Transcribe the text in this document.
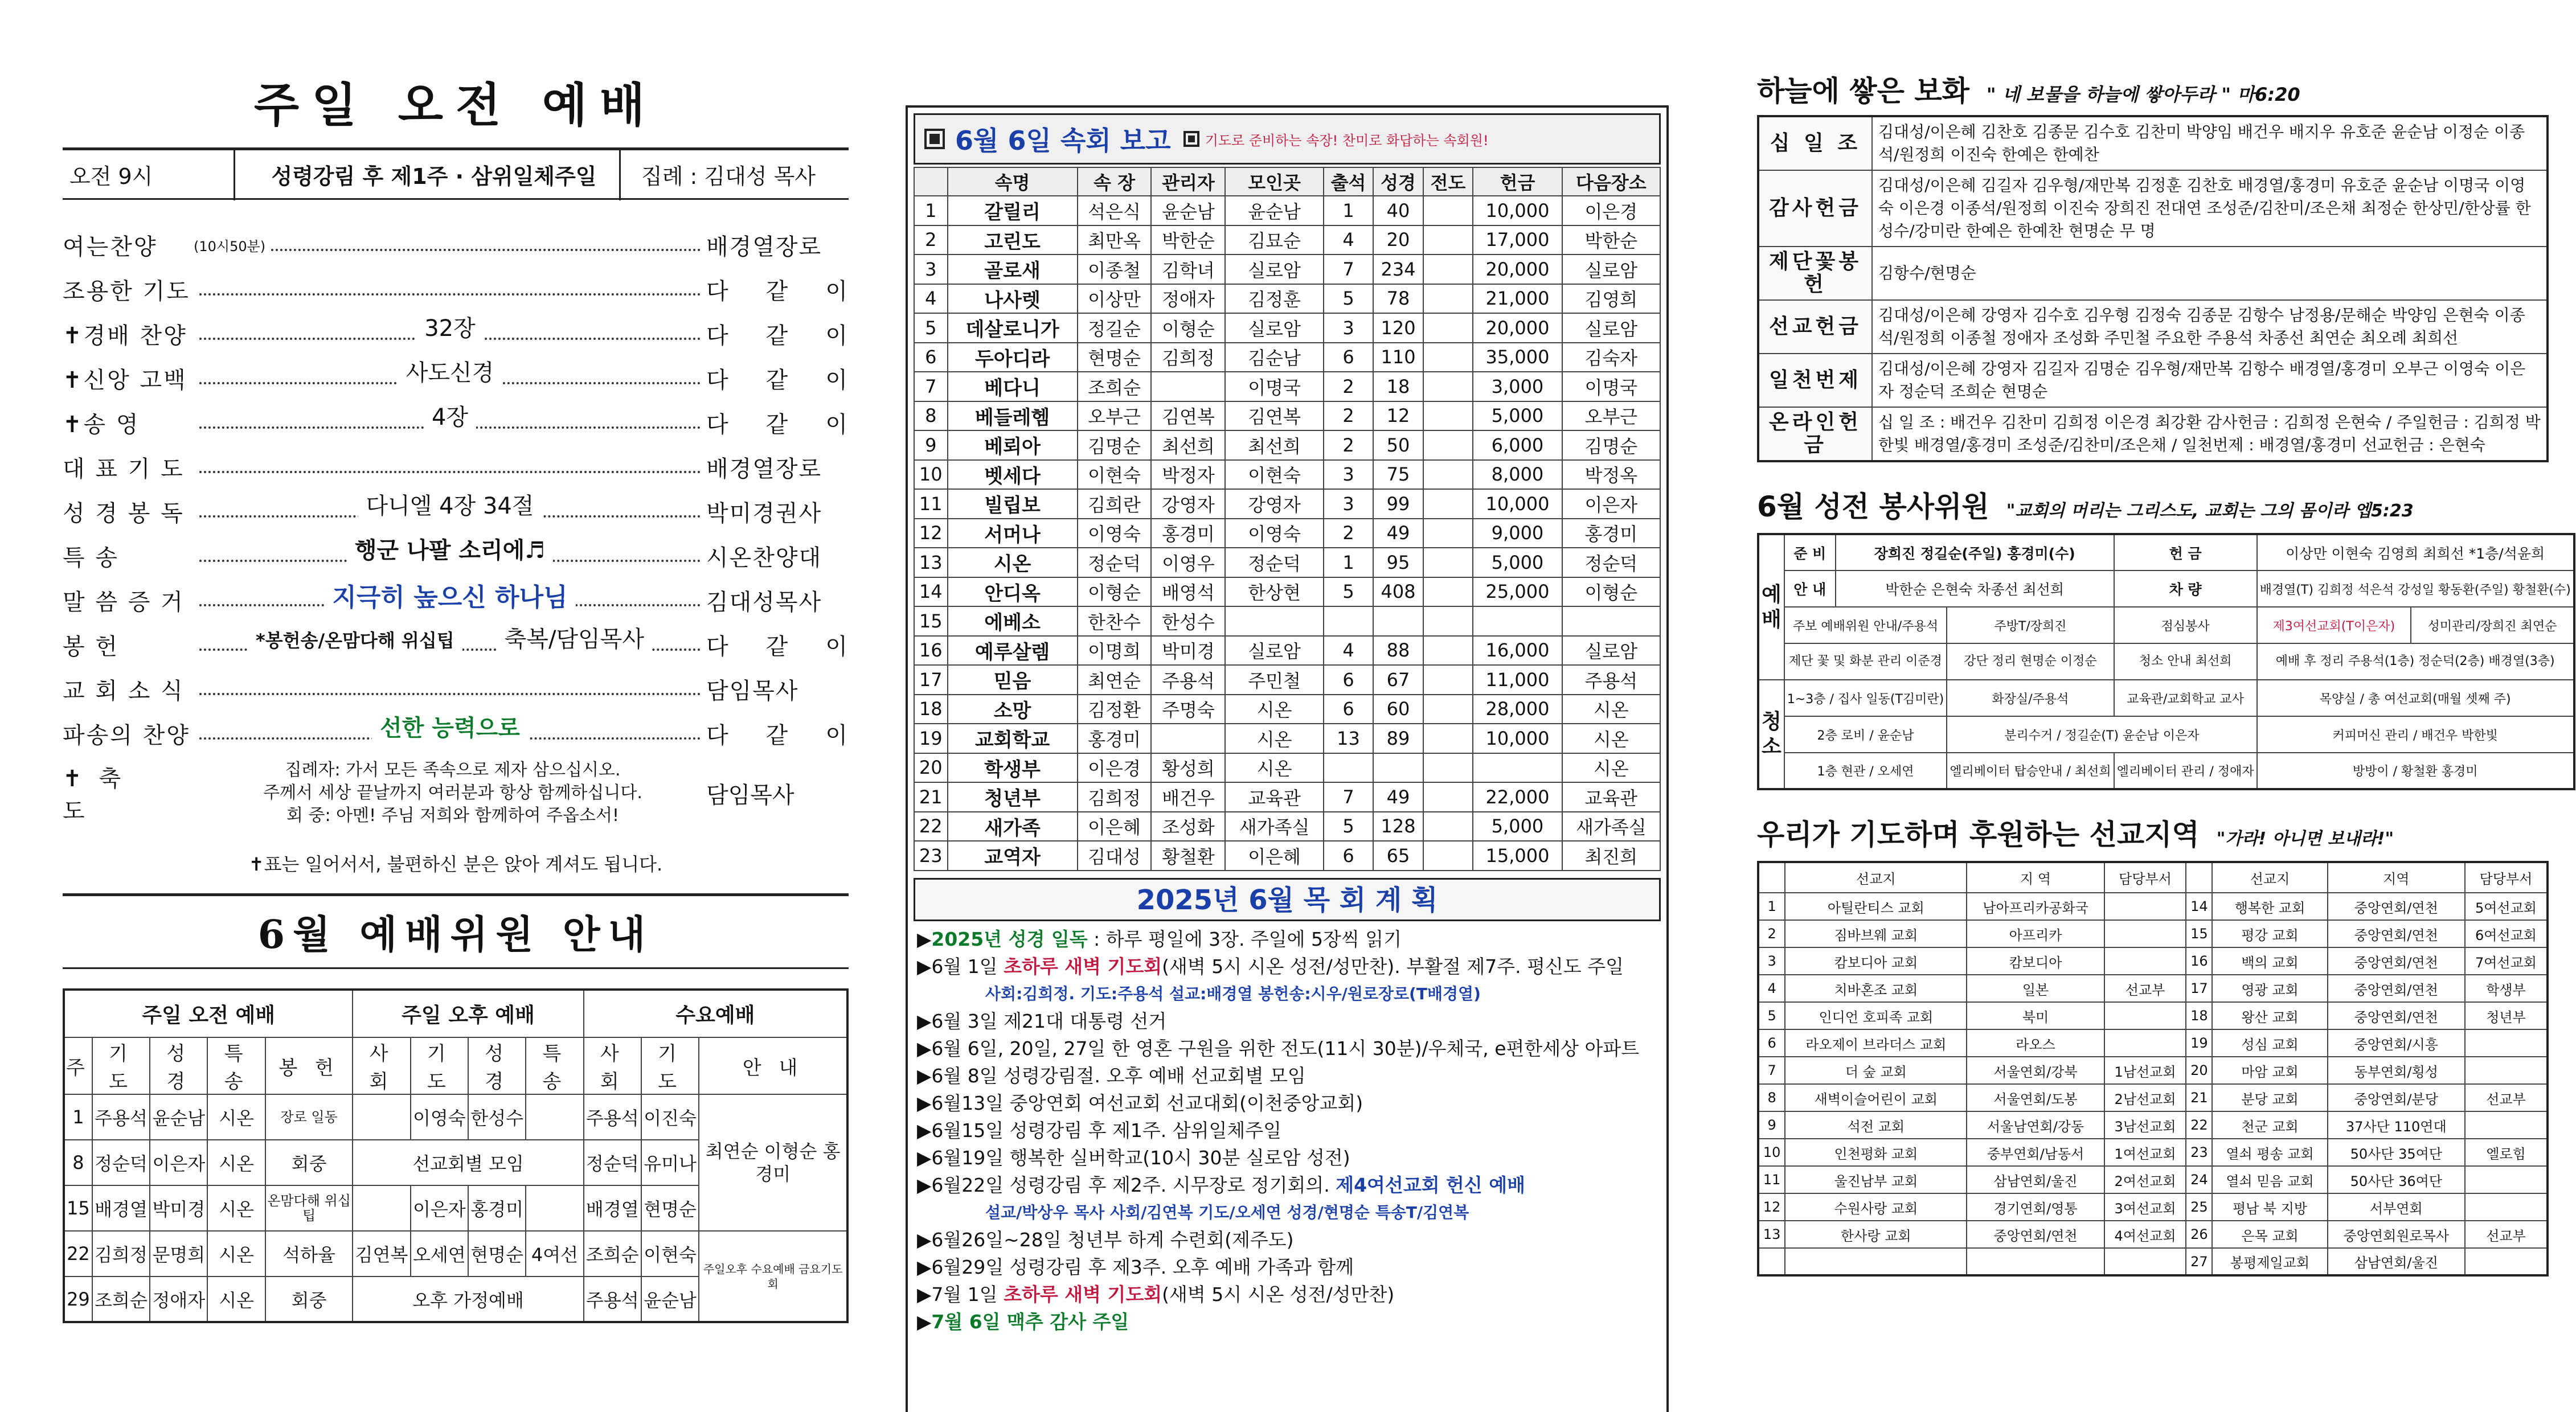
주일 오전 예배
오전 9시	성령강림 후 제1주 · 삼위일체주일	집례 : 김대성 목사
여는찬양	(10시50분)	배경열장로
조용한 기도	다 같 이
✝경배 찬양	32장	다 같 이
✝신앙 고백	사도신경	다 같 이
✝송 영	4장	다 같 이
대 표 기 도	배경열장로
성 경 봉 독	다니엘 4장 34절	박미경권사
특 송	행군 나팔 소리에♬	시온찬양대
말 씀 증 거	지극히 높으신 하나님	김대성목사
봉 헌	*봉헌송/온맘다해 위십팁 축복/담임목사	다 같 이
교 회 소 식	담임목사
파송의 찬양	선한 능력으로	다 같 이
✝축 도
집례자: 가서 모든 족속으로 제자 삼으십시오.
주께서 세상 끝날까지 여러분과 항상 함께하십니다.
회 중: 아멘! 주님 저희와 함께하여 주옵소서!
담임목사
✝표는 일어서서, 불편하신 분은 앉아 계셔도 됩니다.
6월 예배위원 안내
주일 오전 예배					주일 오후 예배				수요예배		
주	기 도	성 경	특 송	봉 헌	사 회	기 도	성 경	특 송	사 회	기 도	안 내
1	주용석	윤순남	시온	장로 일동		이영숙	한성수		주용석	이진숙	최연순 이형순 홍경미
8	정순덕	이은자	시온	회중	선교회별 모임				정순덕	유미나	
15	배경열	박미경	시온	온맘다해 위십팁		이은자	홍경미		배경열	현명순	
22	김희정	문명희	시온	석하율	김연복	오세연	현명순	4여선	조희순	이현숙	주일오후 수요예배 금요기도회
29	조희순	정애자	시온	회중	오후 가정예배				주용석	윤순남	
6월 6일 속회 보고	기도로 준비하는 속장! 찬미로 화답하는 속회원!
	속명	속 장	관리자	모인곳	출석	성경	전도	헌금	다음장소
1	갈릴리	석은식	윤순남	윤순남	1	40		10,000	이은경
2	고린도	최만옥	박한순	김묘순	4	20		17,000	박한순
3	골로새	이종철	김학녀	실로암	7	234		20,000	실로암
4	나사렛	이상만	정애자	김정훈	5	78		21,000	김영희
5	데살로니가	정길순	이형순	실로암	3	120		20,000	실로암
6	두아디라	현명순	김희정	김순남	6	110		35,000	김숙자
7	베다니	조희순		이명국	2	18		3,000	이명국
8	베들레헴	오부근	김연복	김연복	2	12		5,000	오부근
9	베뢰아	김명순	최선희	최선희	2	50		6,000	김명순
10	벳세다	이현숙	박정자	이현숙	3	75		8,000	박정옥
11	빌립보	김희란	강영자	강영자	3	99		10,000	이은자
12	서머나	이영숙	홍경미	이영숙	2	49		9,000	홍경미
13	시온	정순덕	이영우	정순덕	1	95		5,000	정순덕
14	안디옥	이형순	배영석	한상현	5	408		25,000	이형순
15	에베소	한찬수	한성수						
16	예루살렘	이명희	박미경	실로암	4	88		16,000	실로암
17	믿음	최연순	주용석	주민철	6	67		11,000	주용석
18	소망	김정환	주명숙	시온	6	60		28,000	시온
19	교회학교	홍경미		시온	13	89		10,000	시온
20	학생부	이은경	황성희	시온					시온
21	청년부	김희정	배건우	교육관	7	49		22,000	교육관
22	새가족	이은혜	조성화	새가족실	5	128		5,000	새가족실
23	교역자	김대성	황철환	이은혜	6	65		15,000	최진희
2025년 6월 목 회 계 획
▶2025년 성경 일독 : 하루 평일에 3장. 주일에 5장씩 읽기
▶6월 1일 초하루 새벽 기도회(새벽 5시 시온 성전/성만찬). 부활절 제7주. 평신도 주일
사회:김희정. 기도:주용석 설교:배경열 봉헌송:시우/원로장로(T배경열)
▶6월 3일 제21대 대통령 선거
▶6월 6일, 20일, 27일 한 영혼 구원을 위한 전도(11시 30분)/우체국, e편한세상 아파트
▶6월 8일 성령강림절. 오후 예배 선교회별 모임
▶6월13일 중앙연회 여선교회 선교대회(이천중앙교회)
▶6월15일 성령강림 후 제1주. 삼위일체주일
▶6월19일 행복한 실버학교(10시 30분 실로암 성전)
▶6월22일 성령강림 후 제2주. 시무장로 정기회의. 제4여선교회 헌신 예배
설교/박상우 목사 사회/김연복 기도/오세연 성경/현명순 특송T/김연복
▶6월26일~28일 청년부 하계 수련회(제주도)
▶6월29일 성령강림 후 제3주. 오후 예배 가족과 함께
▶7월 1일 초하루 새벽 기도회(새벽 5시 시온 성전/성만찬)
▶7월 6일 맥추 감사 주일
하늘에 쌓은 보화 " 네 보물을 하늘에 쌓아두라 " 마6:20
십 일 조	김대성/이은혜 김찬호 김종문 김수호 김찬미 박양임 배건우 배지우 유호준 윤순남 이정순 이종석/원정희 이진숙 한예은 한예찬
감사헌금	김대성/이은혜 김길자 김우형/재만복 김정훈 김찬호 배경열/홍경미 유호준 윤순남 이명국 이영숙 이은경 이종석/원정희 이진숙 장희진 전대연 조성준/김찬미/조은채 최정순 한상민/한상률 한성수/강미란 한예은 한예찬 현명순 무 명
제단꽃봉헌	김항수/현명순
선교헌금	김대성/이은혜 강영자 김수호 김우형 김정숙 김종문 김항수 남정용/문해순 박양임 은현숙 이종석/원정희 이종철 정애자 조성화 주민철 주요한 주용석 차종선 최연순 최오례 최희선
일천번제	김대성/이은혜 강영자 김길자 김명순 김우형/재만복 김항수 배경열/홍경미 오부근 이영숙 이은자 정순덕 조희순 현명순
온라인헌금	십 일 조 : 배건우 김찬미 김희정 이은경 최강환 감사헌금 : 김희정 은현숙 / 주일헌금 : 김희정 박한빛 배경열/홍경미 조성준/김찬미/조은채 / 일천번제 : 배경열/홍경미 선교헌금 : 은현숙
6월 성전 봉사위원 "교회의 머리는 그리스도, 교회는 그의 몸이라 엡5:23
예배	준 비	장희진 정길순(주일) 홍경미(수)		헌 금	이상만 이현숙 김영희 최희선 *1층/석윤희	
	안 내	박한순 은현숙 차종선 최선희		차 량	배경열(T) 김희정 석은석 강성일 황동환(주일) 황철환(수)	
	주보 예배위원 안내/주용석		주방T/장희진	점심봉사	제3여선교회(T이은자)	성미관리/장희진 최연순
	제단 꽃 및 화분 관리 이준경		강단 정리 현명순 이정순	청소 안내 최선희	예배 후 정리 주용석(1층) 정순덕(2층) 배경열(3층)	
청소	1~3층 / 집사 일동(T김미란)		화장실/주용석	교육관/교회학교 교사	목양실 / 총 여선교회(매월 셋째 주)	
	2층 로비 / 윤순남		분리수거 / 정길순(T) 윤순남 이은자		커피머신 관리 / 배건우 박한빛	
	1층 현관 / 오세연		엘리베이터 탑승안내 / 최선희	엘리베이터 관리 / 정애자	방방이 / 황철환 홍경미	
우리가 기도하며 후원하는 선교지역 "가라! 아니면 보내라!"
	선교지	지 역	담당부서		선교지	지역	담당부서
1	아틸란티스 교회	남아프리카공화국		14	행복한 교회	중앙연회/연천	5여선교회
2	짐바브웨 교회	아프리카		15	평강 교회	중앙연회/연천	6여선교회
3	캄보디아 교회	캄보디아		16	백의 교회	중앙연회/연천	7여선교회
4	치바혼조 교회	일본	선교부	17	영광 교회	중앙연회/연천	학생부
5	인디언 호피족 교회	북미		18	왕산 교회	중앙연회/연천	청년부
6	라오제이 브라더스 교회	라오스		19	성심 교회	중앙연회/시흥	
7	더 숲 교회	서울연회/강북	1남선교회	20	마암 교회	동부연회/횡성	
8	새벽이슬어린이 교회	서울연회/도봉	2남선교회	21	분당 교회	중앙연회/분당	선교부
9	석전 교회	서울남연회/강동	3남선교회	22	천군 교회	37사단 110연대	
10	인천평화 교회	중부연회/남동서	1여선교회	23	열쇠 평송 교회	50사단 35여단	엘로힘
11	울진남부 교회	삼남연회/울진	2여선교회	24	열쇠 믿음 교회	50사단 36여단	
12	수원사랑 교회	경기연회/영통	3여선교회	25	평남 북 지방	서부연회	
13	한사랑 교회	중앙연회/연천	4여선교회	26	은목 교회	중앙연회원로목사	선교부
				27	봉평제일교회	삼남연회/울진	
